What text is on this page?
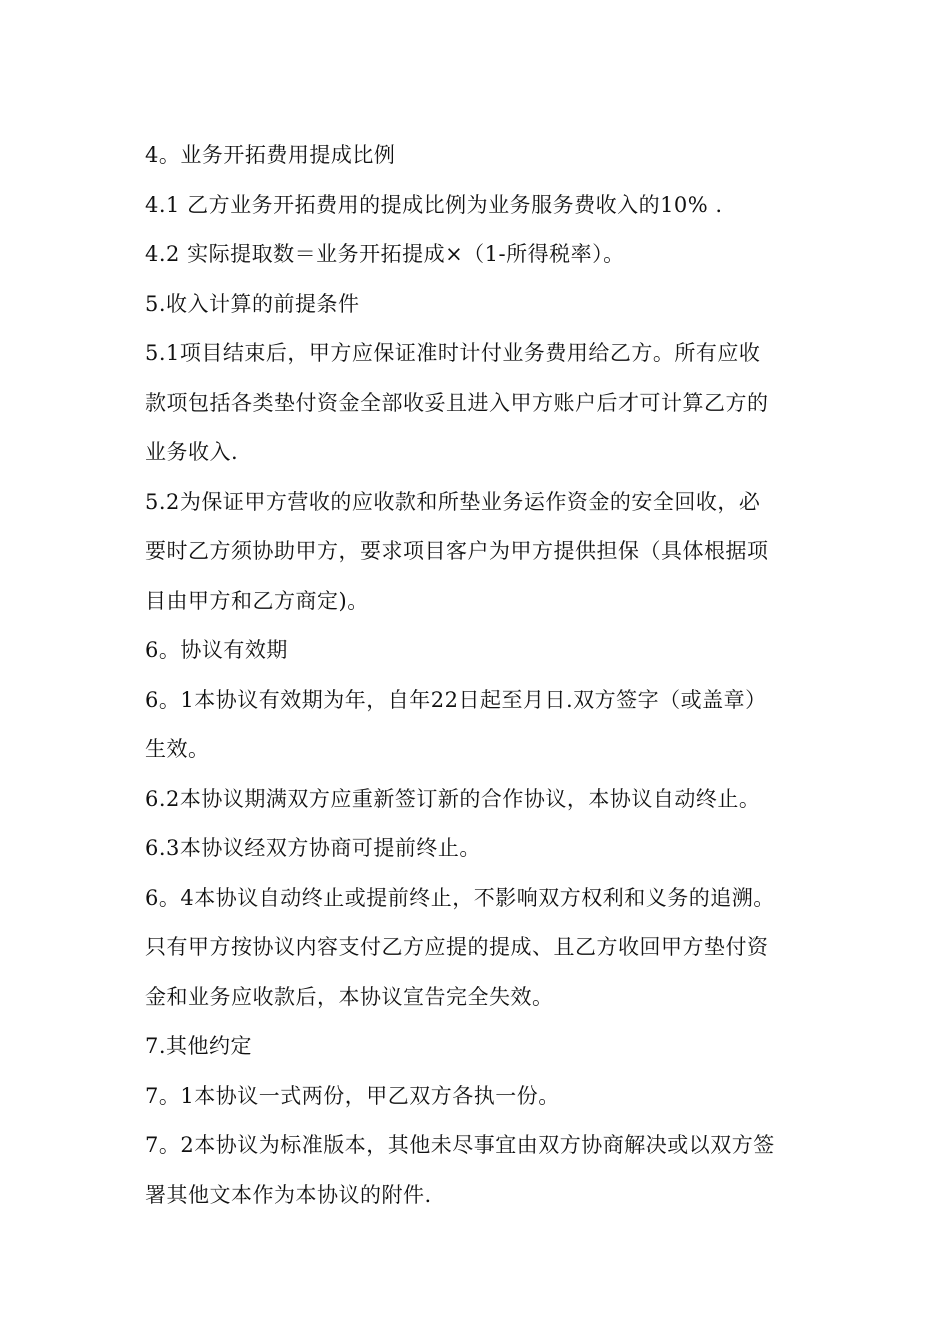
4。业务开拓费用提成比例
4.1 乙方业务开拓费用的提成比例为业务服务费收入的10% .
4.2 实际提取数＝业务开拓提成×（1-所得税率）。
5.收入计算的前提条件
5.1项目结束后，甲方应保证准时计付业务费用给乙方。所有应收
款项包括各类垫付资金全部收妥且进入甲方账户后才可计算乙方的
业务收入.
5.2为保证甲方营收的应收款和所垫业务运作资金的安全回收，必
要时乙方须协助甲方，要求项目客户为甲方提供担保（具体根据项
目由甲方和乙方商定)。
6。协议有效期
6。1本协议有效期为年，自年22日起至月日.双方签字（或盖章）
生效。
6.2本协议期满双方应重新签订新的合作协议，本协议自动终止。
6.3本协议经双方协商可提前终止。
6。4本协议自动终止或提前终止，不影响双方权利和义务的追溯。
只有甲方按协议内容支付乙方应提的提成、且乙方收回甲方垫付资
金和业务应收款后，本协议宣告完全失效。
7.其他约定
7。1本协议一式两份，甲乙双方各执一份。
7。2本协议为标准版本，其他未尽事宜由双方协商解决或以双方签
署其他文本作为本协议的附件.
